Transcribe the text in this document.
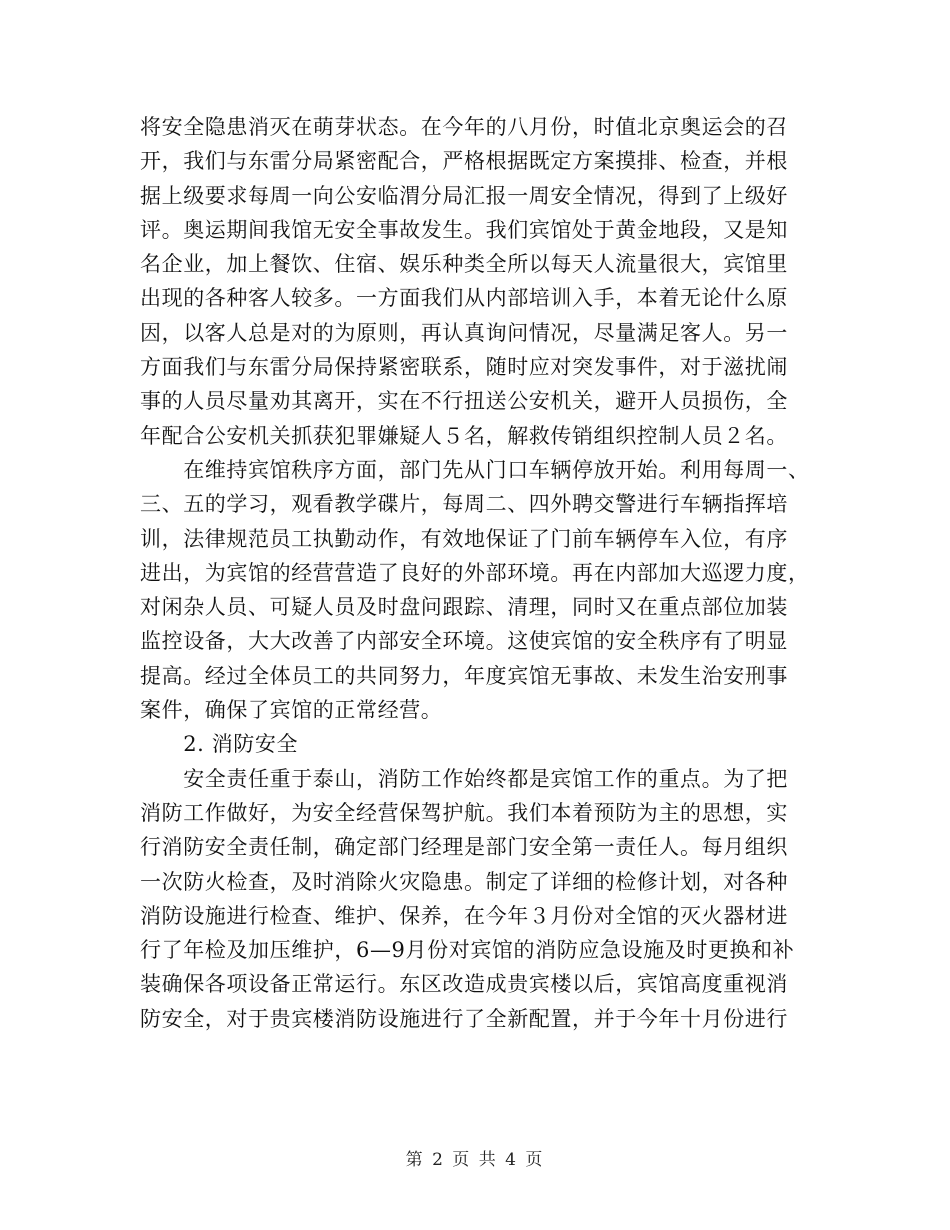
将安全隐患消灭在萌芽状态。在今年的八月份，时值北京奥运会的召
开，我们与东雷分局紧密配合，严格根据既定方案摸排、检查，并根
据上级要求每周一向公安临渭分局汇报一周安全情况，得到了上级好
评。奥运期间我馆无安全事故发生。我们宾馆处于黄金地段，又是知
名企业，加上餐饮、住宿、娱乐种类全所以每天人流量很大，宾馆里
出现的各种客人较多。一方面我们从内部培训入手，本着无论什么原
因，以客人总是对的为原则，再认真询问情况，尽量满足客人。另一
方面我们与东雷分局保持紧密联系，随时应对突发事件，对于滋扰闹
事的人员尽量劝其离开，实在不行扭送公安机关，避开人员损伤，全
年配合公安机关抓获犯罪嫌疑人５名，解救传销组织控制人员２名。
　　在维持宾馆秩序方面，部门先从门口车辆停放开始。利用每周一、
三、五的学习，观看教学碟片，每周二、四外聘交警进行车辆指挥培
训，法律规范员工执勤动作，有效地保证了门前车辆停车入位，有序
进出，为宾馆的经营营造了良好的外部环境。再在内部加大巡逻力度，
对闲杂人员、可疑人员及时盘问跟踪、清理，同时又在重点部位加装
监控设备，大大改善了内部安全环境。这使宾馆的安全秩序有了明显
提高。经过全体员工的共同努力，年度宾馆无事故、未发生治安刑事
案件，确保了宾馆的正常经营。
　　2. 消防安全
　　安全责任重于泰山，消防工作始终都是宾馆工作的重点。为了把
消防工作做好，为安全经营保驾护航。我们本着预防为主的思想，实
行消防安全责任制，确定部门经理是部门安全第一责任人。每月组织
一次防火检查，及时消除火灾隐患。制定了详细的检修计划，对各种
消防设施进行检查、维护、保养，在今年３月份对全馆的灭火器材进
行了年检及加压维护，6—9月份对宾馆的消防应急设施及时更换和补
装确保各项设备正常运行。东区改造成贵宾楼以后，宾馆高度重视消
防安全，对于贵宾楼消防设施进行了全新配置，并于今年十月份进行
第 2 页 共 4 页
